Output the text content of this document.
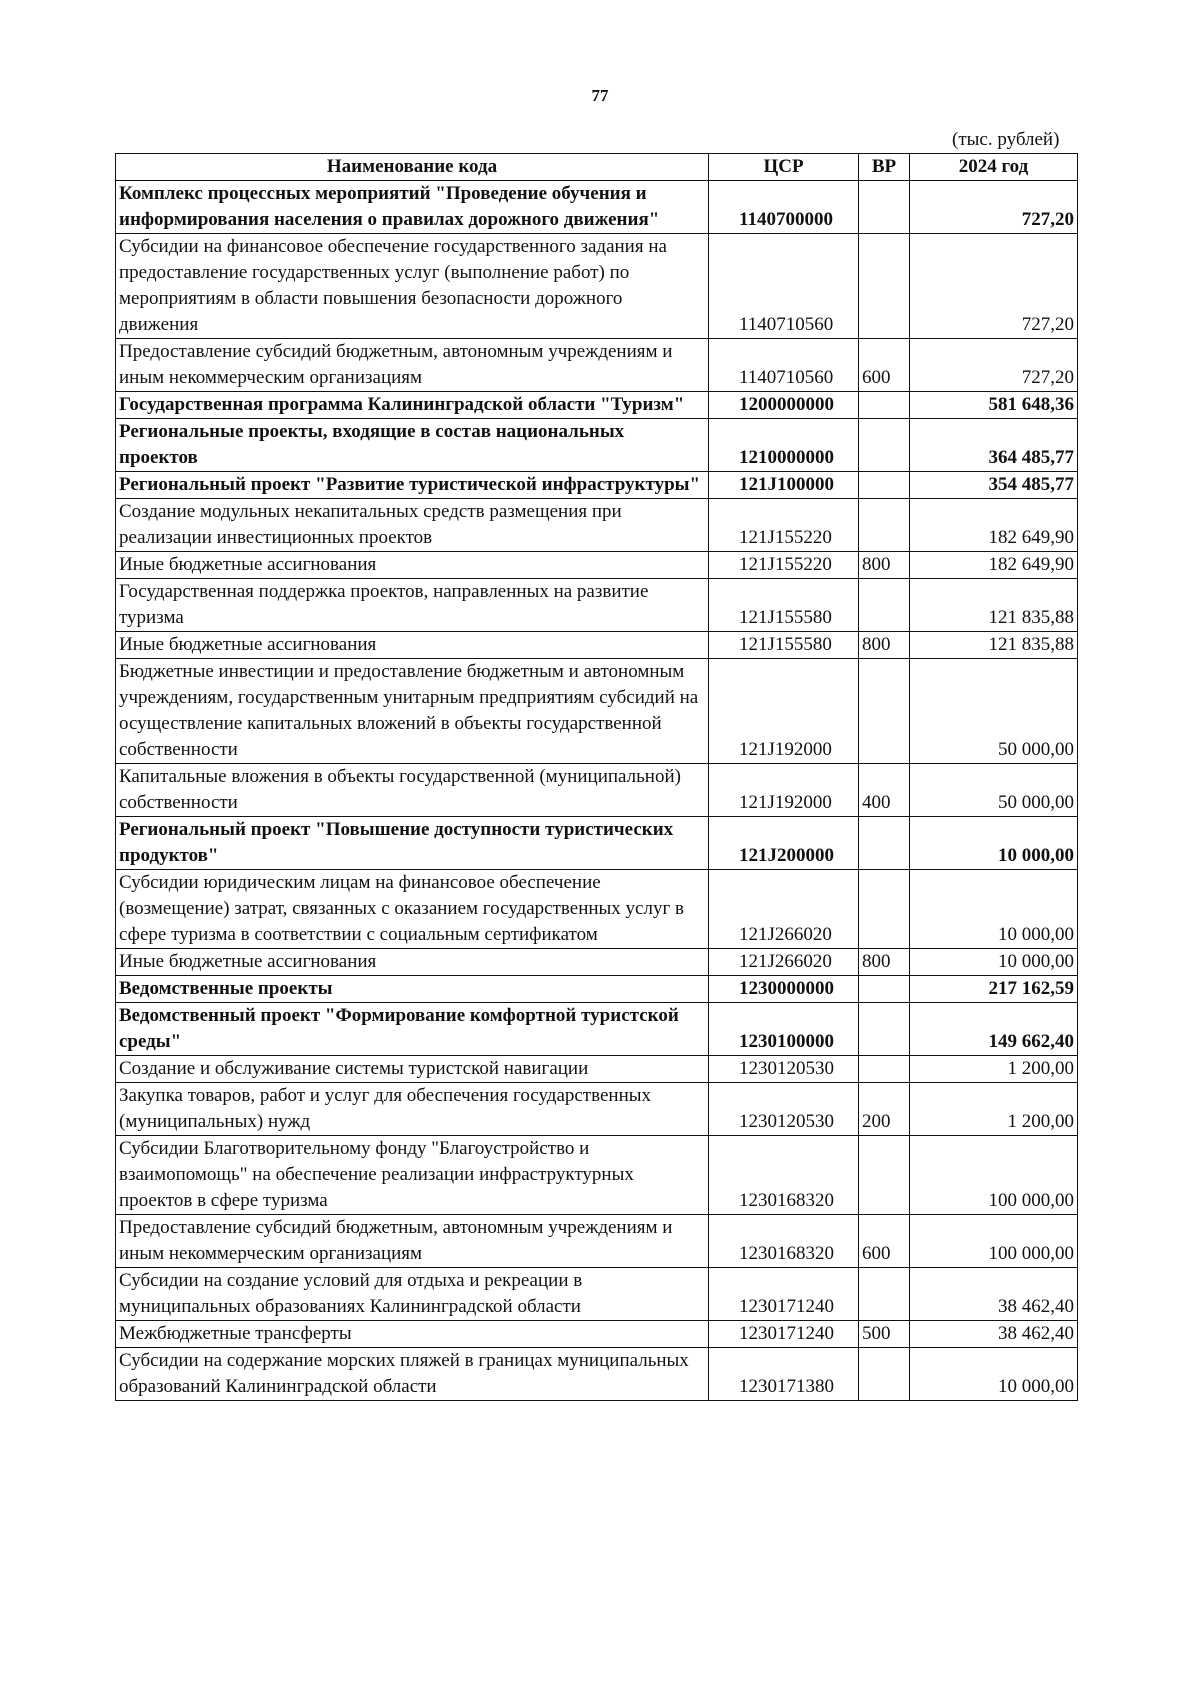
77
(тыс. рублей)
Наименование кода	ЦСР	ВР	2024 год
Комплекс процессных мероприятий "Проведение обучения и информирования населения о правилах дорожного движения"	1140700000		727,20
Субсидии на финансовое обеспечение государственного задания на предоставление государственных услуг (выполнение работ) по мероприятиям в области повышения безопасности дорожного движения	1140710560		727,20
Предоставление субсидий бюджетным, автономным учреждениям и иным некоммерческим организациям	1140710560	600	727,20
Государственная программа Калининградской области "Туризм"	1200000000		581 648,36
Региональные проекты, входящие в состав национальных проектов	1210000000		364 485,77
Региональный проект "Развитие туристической инфраструктуры"	121J100000		354 485,77
Создание модульных некапитальных средств размещения при реализации инвестиционных проектов	121J155220		182 649,90
Иные бюджетные ассигнования	121J155220	800	182 649,90
Государственная поддержка проектов, направленных на развитие туризма	121J155580		121 835,88
Иные бюджетные ассигнования	121J155580	800	121 835,88
Бюджетные инвестиции и предоставление бюджетным и автономным учреждениям, государственным унитарным предприятиям субсидий на осуществление капитальных вложений в объекты государственной собственности	121J192000		50 000,00
Капитальные вложения в объекты государственной (муниципальной) собственности	121J192000	400	50 000,00
Региональный проект "Повышение доступности туристических продуктов"	121J200000		10 000,00
Субсидии юридическим лицам на финансовое обеспечение (возмещение) затрат, связанных с оказанием государственных услуг в сфере туризма в соответствии с социальным сертификатом	121J266020		10 000,00
Иные бюджетные ассигнования	121J266020	800	10 000,00
Ведомственные проекты	1230000000		217 162,59
Ведомственный проект "Формирование комфортной туристской среды"	1230100000		149 662,40
Создание и обслуживание системы туристской навигации	1230120530		1 200,00
Закупка товаров, работ и услуг для обеспечения государственных (муниципальных) нужд	1230120530	200	1 200,00
Субсидии Благотворительному фонду "Благоустройство и взаимопомощь" на обеспечение реализации инфраструктурных проектов в сфере туризма	1230168320		100 000,00
Предоставление субсидий бюджетным, автономным учреждениям и иным некоммерческим организациям	1230168320	600	100 000,00
Субсидии на создание условий для отдыха и рекреации в муниципальных образованиях Калининградской области	1230171240		38 462,40
Межбюджетные трансферты	1230171240	500	38 462,40
Субсидии на содержание морских пляжей в границах муниципальных образований Калининградской области	1230171380		10 000,00
